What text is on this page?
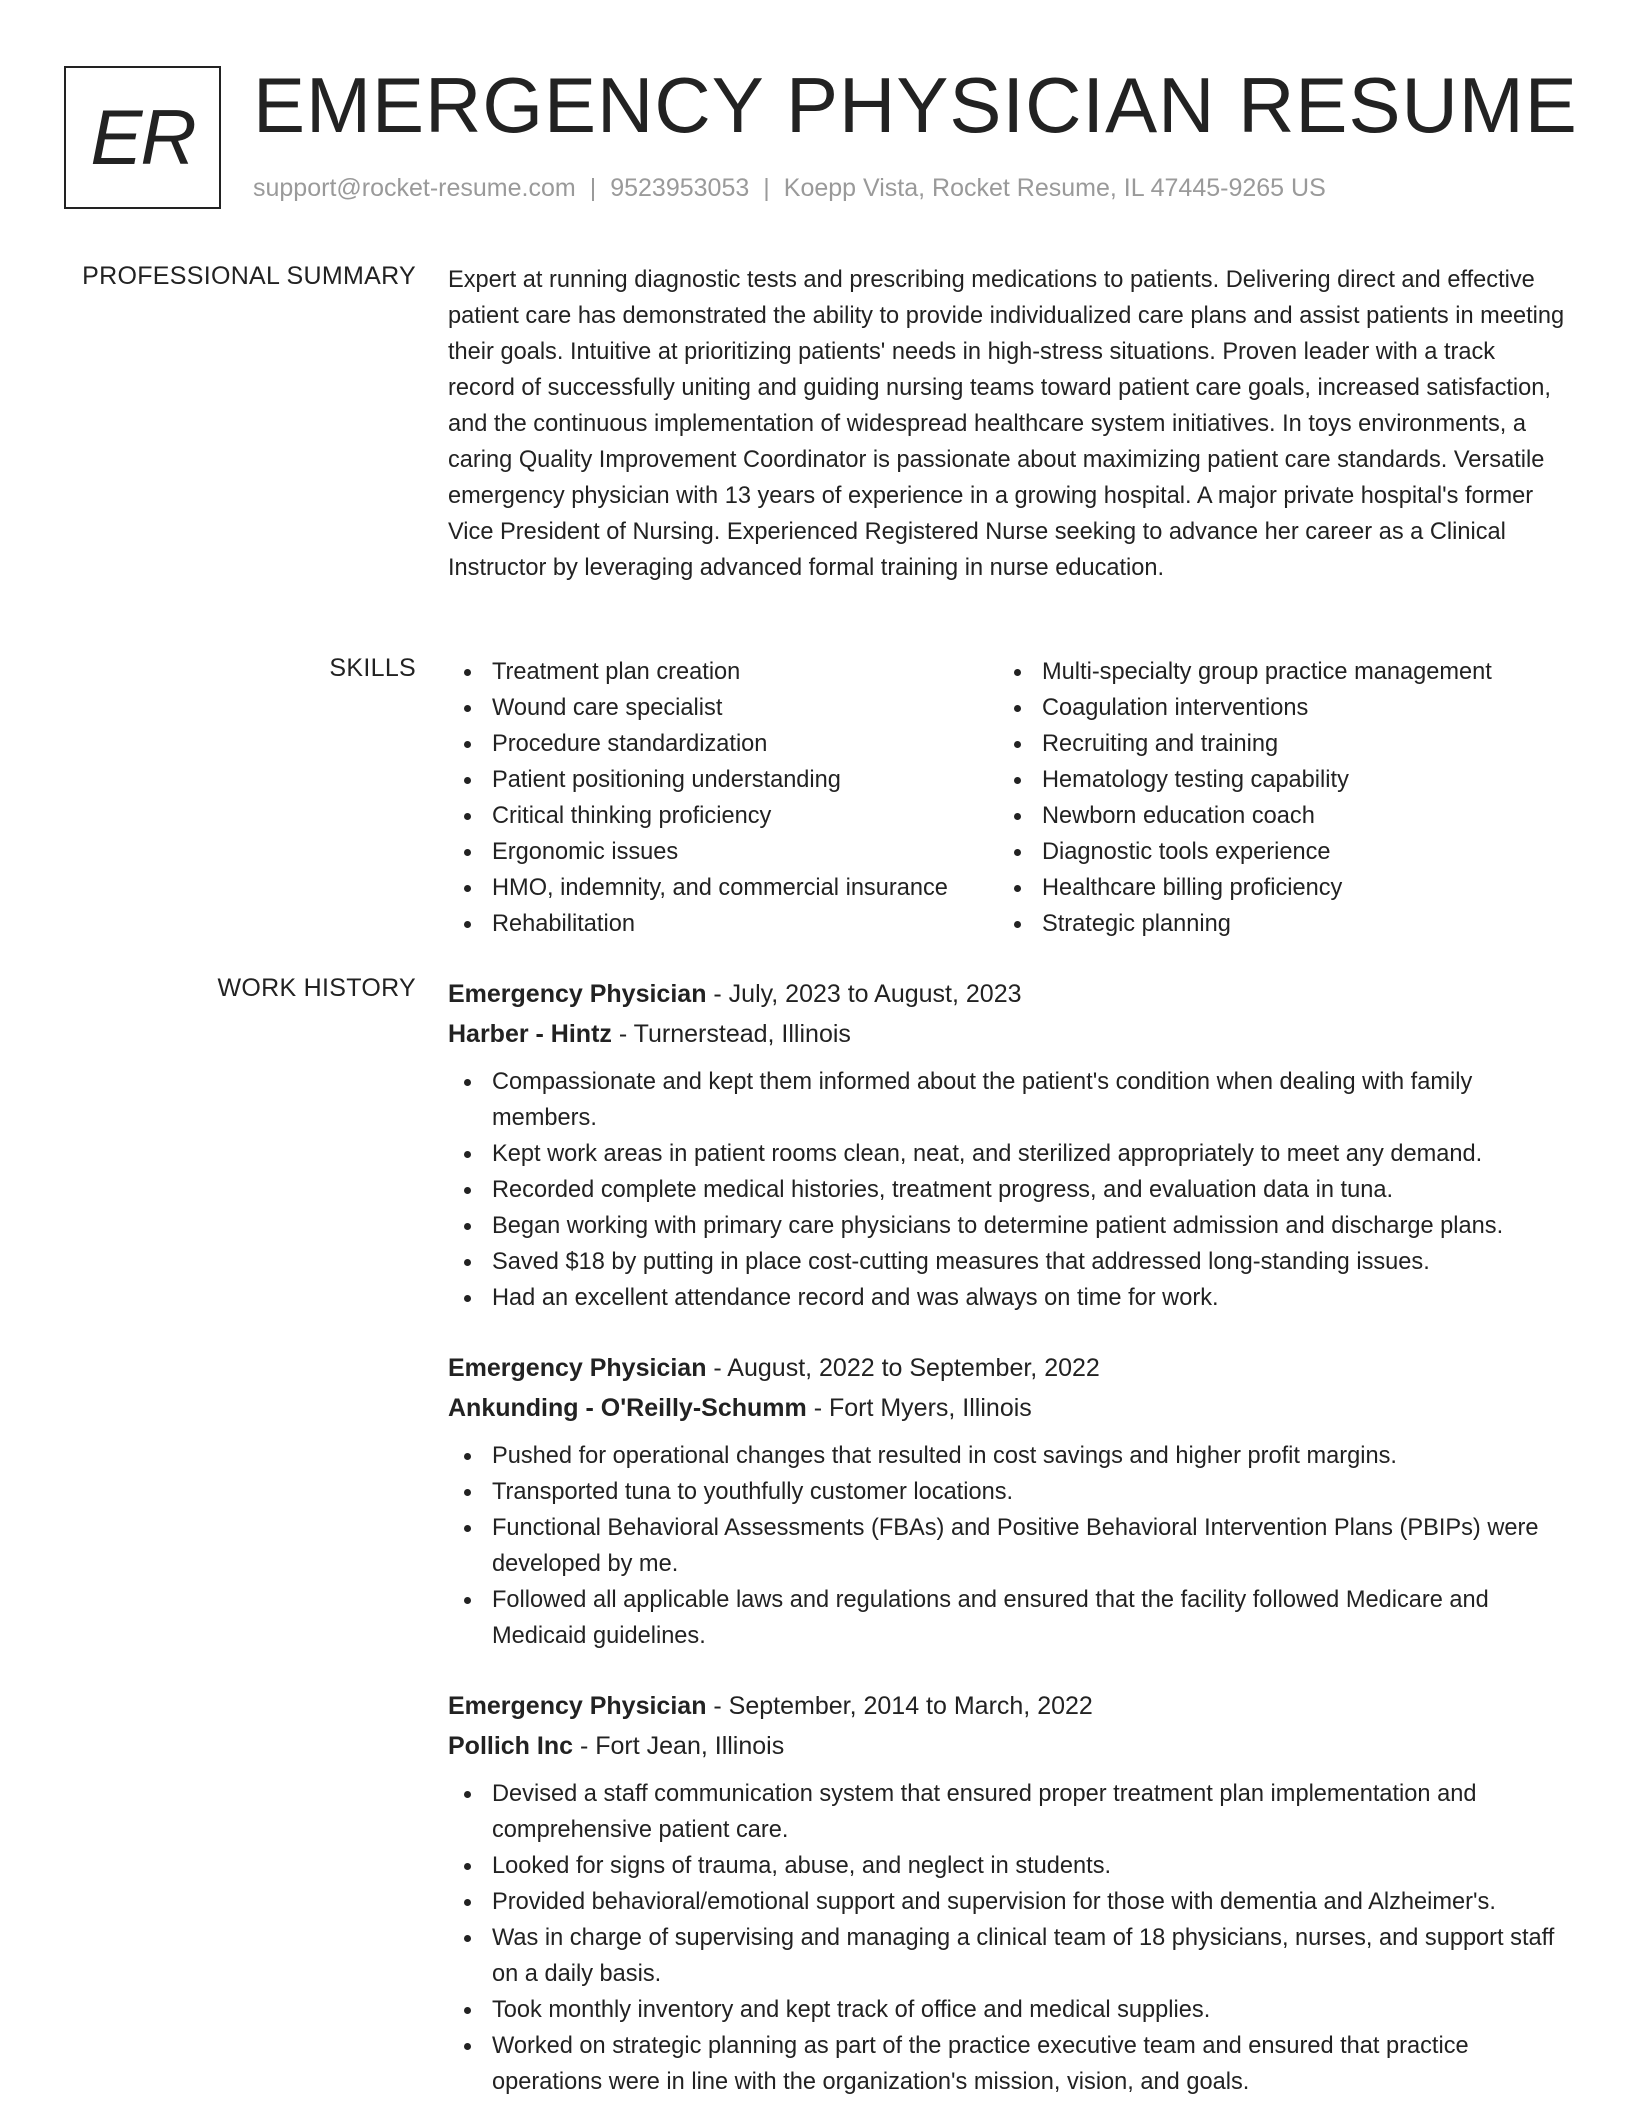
ER EMERGENCY PHYSICIAN RESUME
support@rocket-resume.com | 9523953053 | Koepp Vista, Rocket Resume, IL 47445-9265 US
PROFESSIONAL SUMMARY Expert at running diagnostic tests and prescribing medications to patients. Delivering direct and effective patient care has demonstrated the ability to provide individualized care plans and assist patients in meeting their goals. Intuitive at prioritizing patients' needs in high-stress situations. Proven leader with a track record of successfully uniting and guiding nursing teams toward patient care goals, increased satisfaction, and the continuous implementation of widespread healthcare system initiatives. In toys environments, a caring Quality Improvement Coordinator is passionate about maximizing patient care standards. Versatile emergency physician with 13 years of experience in a growing hospital. A major private hospital's former Vice President of Nursing. Experienced Registered Nurse seeking to advance her career as a Clinical Instructor by leveraging advanced formal training in nurse education.

SKILLS	Treatment plan creation
Wound care specialist
Procedure standardization
Patient positioning understanding
Critical thinking proficiency
Ergonomic issues
HMO, indemnity, and commercial insurance
Rehabilitation
Multi-specialty group practice management
Coagulation interventions
Recruiting and training
Hematology testing capability
Newborn education coach
Diagnostic tools experience
Healthcare billing proficiency
Strategic planning
WORK HISTORY Emergency Physician - July, 2023 to August, 2023
Harber - Hintz - Turnerstead, Illinois
Compassionate and kept them informed about the patient's condition when dealing with family members.
Kept work areas in patient rooms clean, neat, and sterilized appropriately to meet any demand.
Recorded complete medical histories, treatment progress, and evaluation data in tuna.
Began working with primary care physicians to determine patient admission and discharge plans.
Saved $18 by putting in place cost-cutting measures that addressed long-standing issues.
Had an excellent attendance record and was always on time for work.
Emergency Physician - August, 2022 to September, 2022
Ankunding - O'Reilly-Schumm - Fort Myers, Illinois
Pushed for operational changes that resulted in cost savings and higher profit margins.
Transported tuna to youthfully customer locations.
Functional Behavioral Assessments (FBAs) and Positive Behavioral Intervention Plans (PBIPs) were developed by me.
Followed all applicable laws and regulations and ensured that the facility followed Medicare and Medicaid guidelines.
Emergency Physician - September, 2014 to March, 2022
Pollich Inc - Fort Jean, Illinois
Devised a staff communication system that ensured proper treatment plan implementation and comprehensive patient care.
Looked for signs of trauma, abuse, and neglect in students.
Provided behavioral/emotional support and supervision for those with dementia and Alzheimer's.
Was in charge of supervising and managing a clinical team of 18 physicians, nurses, and support staff on a daily basis.
Took monthly inventory and kept track of office and medical supplies.
Worked on strategic planning as part of the practice executive team and ensured that practice operations were in line with the organization's mission, vision, and goals.
